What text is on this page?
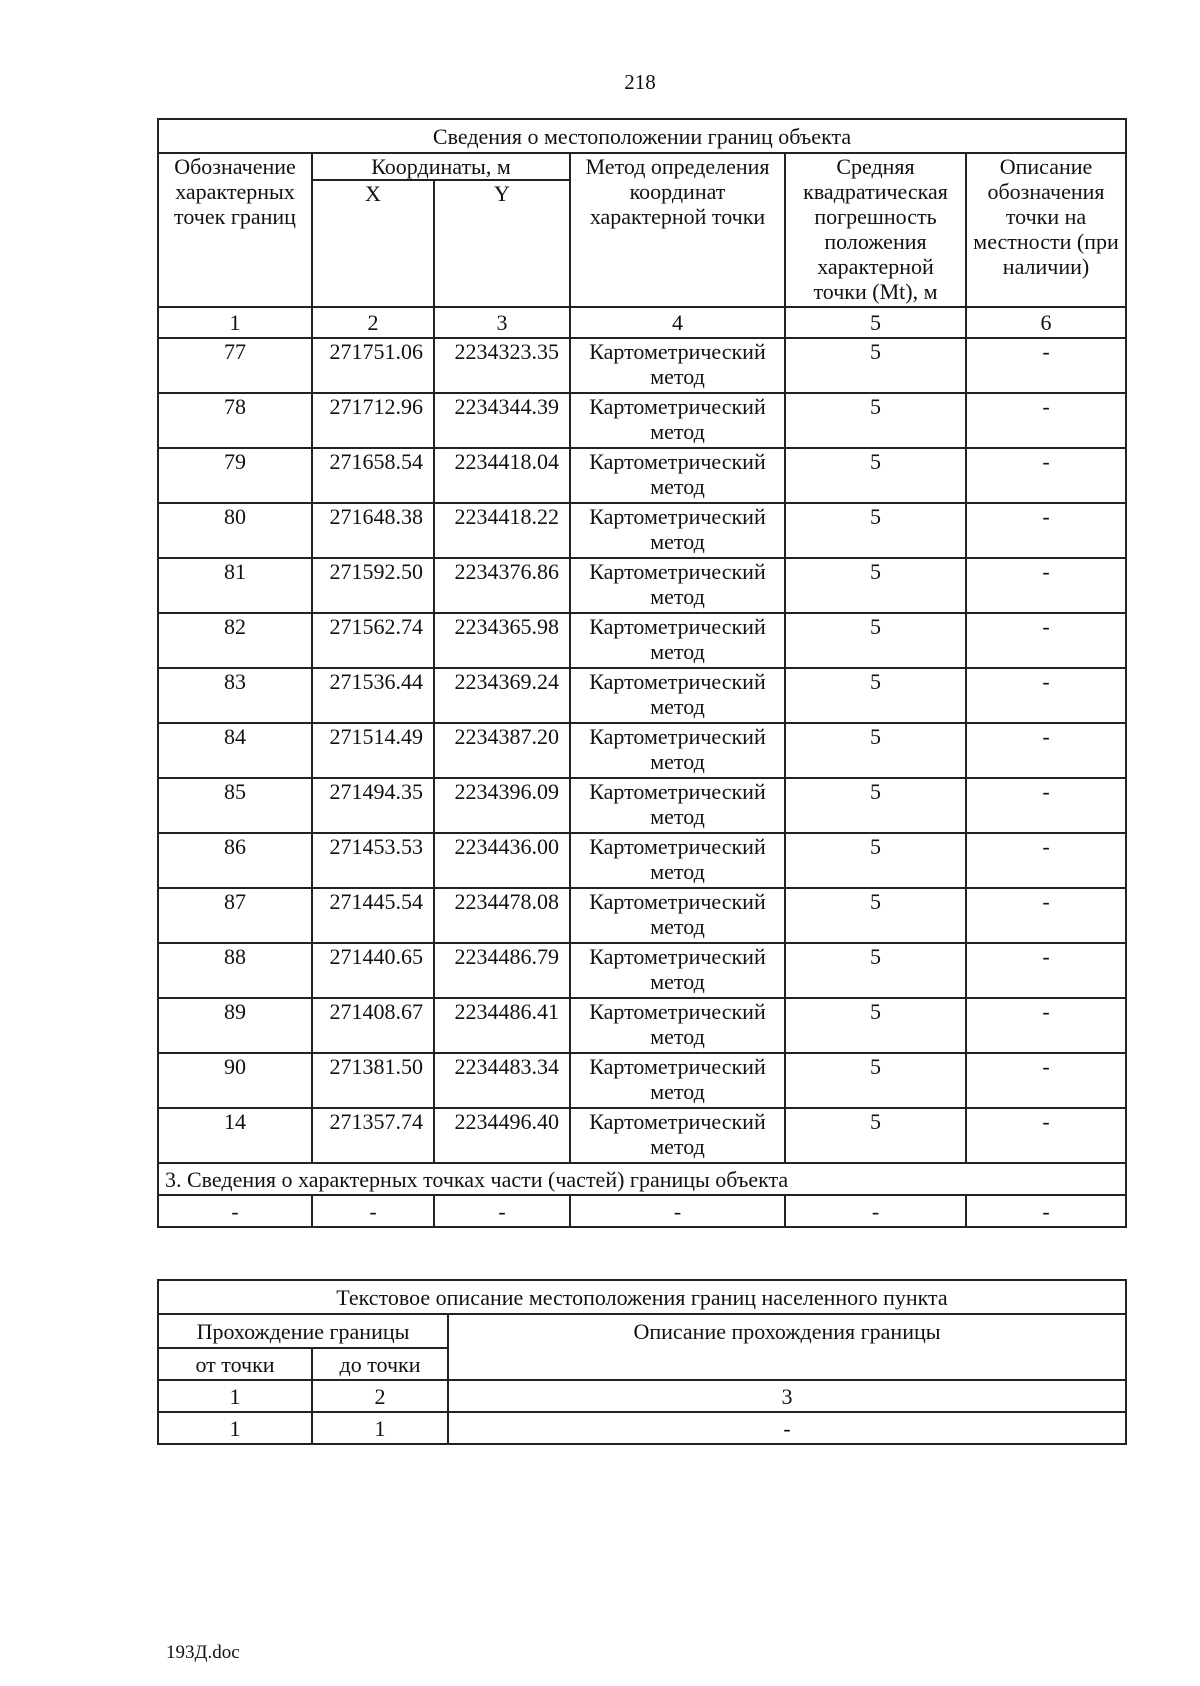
218
Сведения о местоположении границ объекта					
Обозначение характерных точек границ	Координаты, м		Метод определения координат характерной точки	Средняя квадратическая погрешность положения характерной точки (Mt), м	Описание обозначения точки на местности (при наличии)
	X	Y			
1	2	3	4	5	6
77	271751.06	2234323.35	Картометрический метод	5	-
78	271712.96	2234344.39	Картометрический метод	5	-
79	271658.54	2234418.04	Картометрический метод	5	-
80	271648.38	2234418.22	Картометрический метод	5	-
81	271592.50	2234376.86	Картометрический метод	5	-
82	271562.74	2234365.98	Картометрический метод	5	-
83	271536.44	2234369.24	Картометрический метод	5	-
84	271514.49	2234387.20	Картометрический метод	5	-
85	271494.35	2234396.09	Картометрический метод	5	-
86	271453.53	2234436.00	Картометрический метод	5	-
87	271445.54	2234478.08	Картометрический метод	5	-
88	271440.65	2234486.79	Картометрический метод	5	-
89	271408.67	2234486.41	Картометрический метод	5	-
90	271381.50	2234483.34	Картометрический метод	5	-
14	271357.74	2234496.40	Картометрический метод	5	-
3. Сведения о характерных точках части (частей) границы объекта					
-	-	-	-	-	-
Текстовое описание местоположения границ населенного пункта		
Прохождение границы		Описание прохождения границы
от точки	до точки	
1	2	3
1	1	-
193Д.doc
